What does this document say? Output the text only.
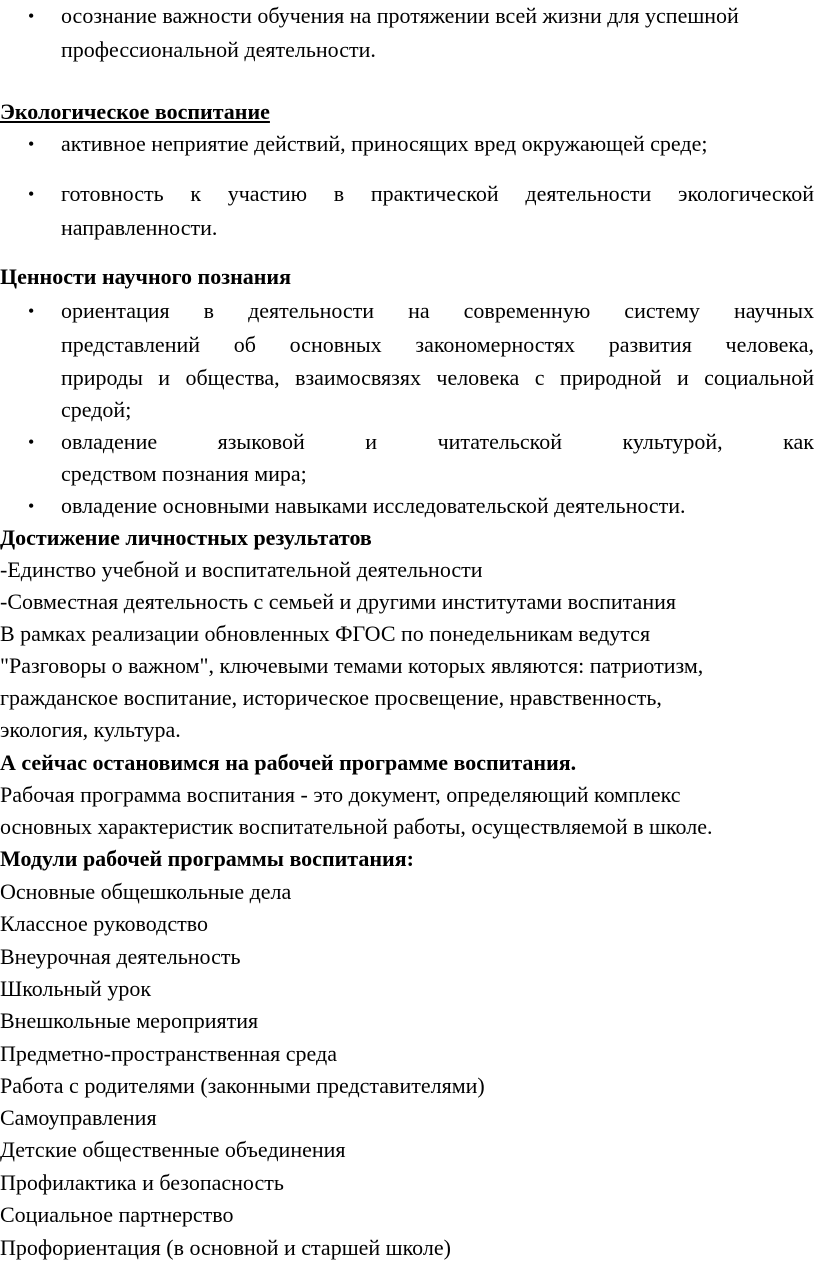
• осознание важности обучения на протяжении всей жизни для успешной
профессиональной деятельности.
Экологическое воспитание
• активное неприятие действий, приносящих вред окружающей среде;
• готовность к участию в практической деятельности экологической
направленности.
Ценности научного познания
• ориентация в деятельности на современную систему научных
представлений об основных закономерностях развития человека,
природы и общества, взаимосвязях человека с природной и социальной
средой;
• овладение языковой и читательской культурой, как
средством познания мира;
• овладение основными навыками исследовательской деятельности.
Достижение личностных результатов
-Единство учебной и воспитательной деятельности
-Совместная деятельность с семьей и другими институтами воспитания
В рамках реализации обновленных ФГОС по понедельникам ведутся
"Разговоры о важном", ключевыми темами которых являются: патриотизм,
гражданское воспитание, историческое просвещение, нравственность,
экология, культура.
А сейчас остановимся на рабочей программе воспитания.
Рабочая программа воспитания - это документ, определяющий комплекс
основных характеристик воспитательной работы, осуществляемой в школе.
Модули рабочей программы воспитания:
Основные общешкольные дела
Классное руководство
Внеурочная деятельность
Школьный урок
Внешкольные мероприятия
Предметно-пространственная среда
Работа с родителями (законными представителями)
Самоуправления
Детские общественные объединения
Профилактика и безопасность
Социальное партнерство
Профориентация (в основной и старшей школе)
